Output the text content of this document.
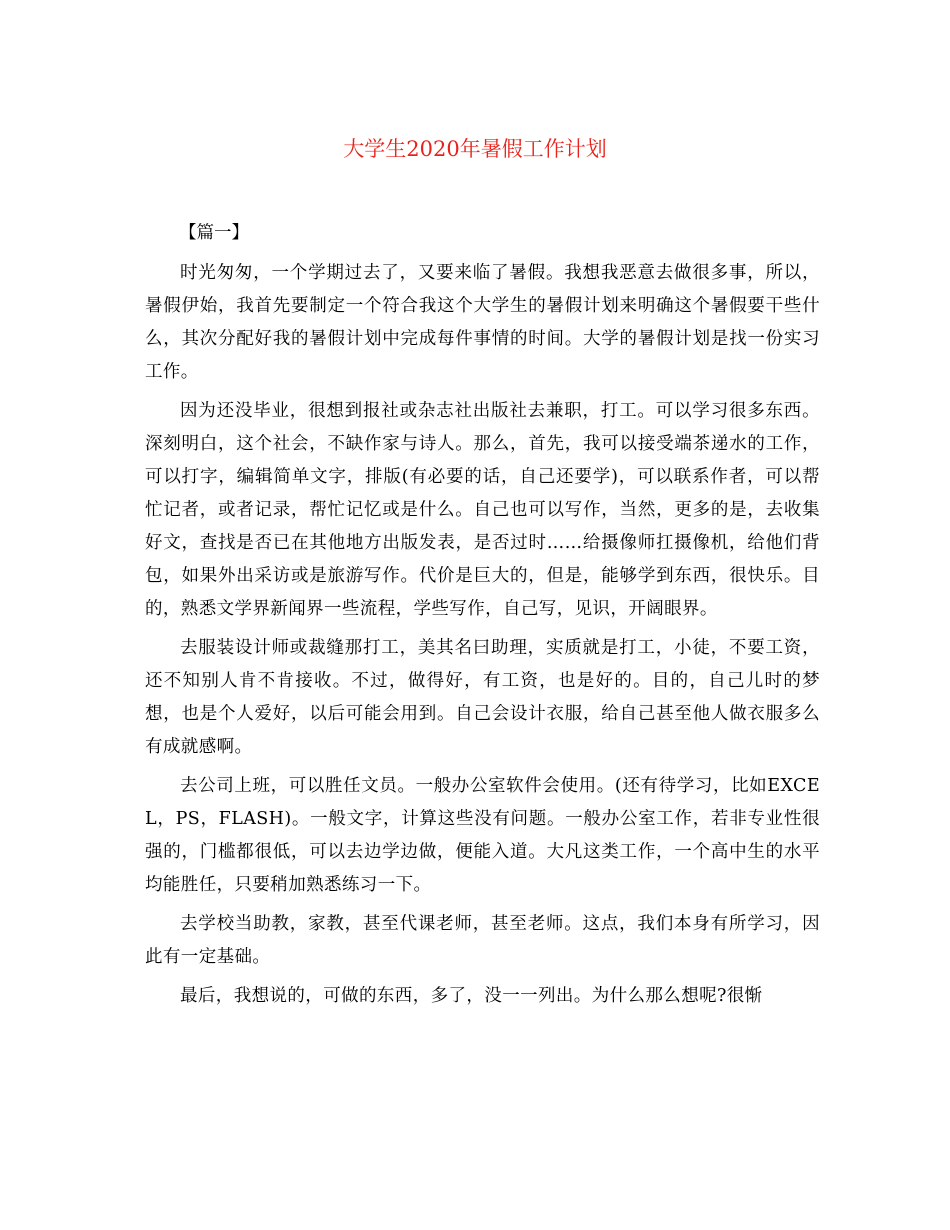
大学生2020年暑假工作计划
【篇一】

时光匆匆，一个学期过去了，又要来临了暑假。我想我恶意去做很多事，所以，暑假伊始，我首先要制定一个符合我这个大学生的暑假计划来明确这个暑假要干些什么，其次分配好我的暑假计划中完成每件事情的时间。大学的暑假计划是找一份实习工作。

因为还没毕业，很想到报社或杂志社出版社去兼职，打工。可以学习很多东西。深刻明白，这个社会，不缺作家与诗人。那么，首先，我可以接受端茶递水的工作，可以打字，编辑简单文字，排版(有必要的话，自己还要学)，可以联系作者，可以帮忙记者，或者记录，帮忙记忆或是什么。自己也可以写作，当然，更多的是，去收集好文，查找是否已在其他地方出版发表，是否过时……给摄像师扛摄像机，给他们背包，如果外出采访或是旅游写作。代价是巨大的，但是，能够学到东西，很快乐。目的，熟悉文学界新闻界一些流程，学些写作，自己写，见识，开阔眼界。

去服装设计师或裁缝那打工，美其名曰助理，实质就是打工，小徒，不要工资，还不知别人肯不肯接收。不过，做得好，有工资，也是好的。目的，自己儿时的梦想，也是个人爱好，以后可能会用到。自己会设计衣服，给自己甚至他人做衣服多么有成就感啊。

去公司上班，可以胜任文员。一般办公室软件会使用。(还有待学习，比如EXCEL，PS，FLASH)。一般文字，计算这些没有问题。一般办公室工作，若非专业性很强的，门槛都很低，可以去边学边做，便能入道。大凡这类工作，一个高中生的水平均能胜任，只要稍加熟悉练习一下。

去学校当助教，家教，甚至代课老师，甚至老师。这点，我们本身有所学习，因此有一定基础。

最后，我想说的，可做的东西，多了，没一一列出。为什么那么想呢?很惭
